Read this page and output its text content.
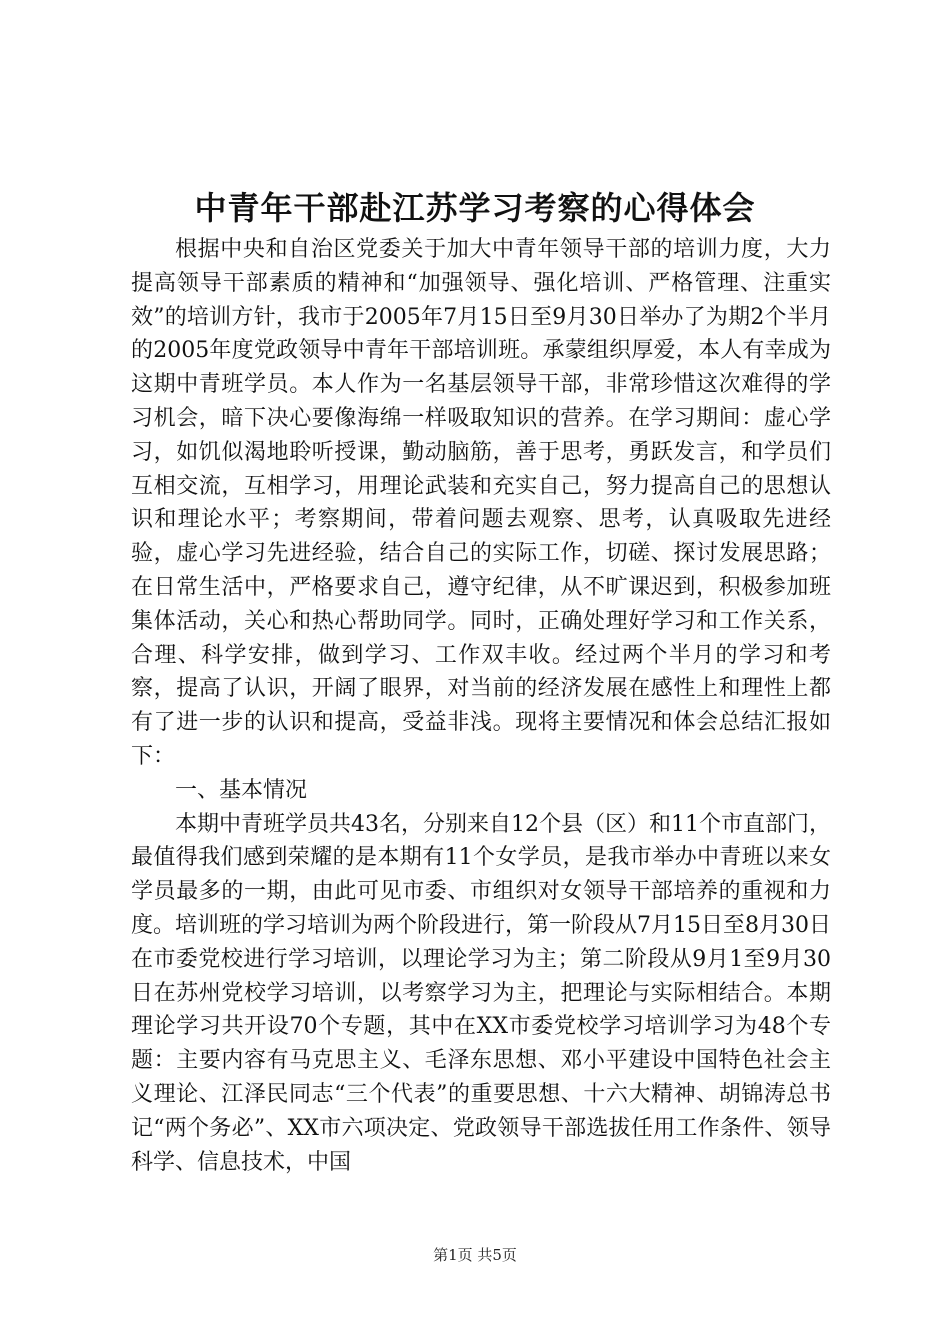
中青年干部赴江苏学习考察的心得体会

根据中央和自治区党委关于加大中青年领导干部的培训力度，大力提高领导干部素质的精神和“加强领导、强化培训、严格管理、注重实效”的培训方针，我市于2005年7月15日至9月30日举办了为期2个半月的2005年度党政领导中青年干部培训班。承蒙组织厚爱，本人有幸成为这期中青班学员。本人作为一名基层领导干部，非常珍惜这次难得的学习机会，暗下决心要像海绵一样吸取知识的营养。在学习期间：虚心学习，如饥似渴地聆听授课，勤动脑筋，善于思考，勇跃发言，和学员们互相交流，互相学习，用理论武装和充实自己，努力提高自己的思想认识和理论水平；考察期间，带着问题去观察、思考，认真吸取先进经验，虚心学习先进经验，结合自己的实际工作，切磋、探讨发展思路；在日常生活中，严格要求自己，遵守纪律，从不旷课迟到，积极参加班集体活动，关心和热心帮助同学。同时，正确处理好学习和工作关系，合理、科学安排，做到学习、工作双丰收。经过两个半月的学习和考察，提高了认识，开阔了眼界，对当前的经济发展在感性上和理性上都有了进一步的认识和提高，受益非浅。现将主要情况和体会总结汇报如下：

一、基本情况

本期中青班学员共43名，分别来自12个县（区）和11个市直部门，最值得我们感到荣耀的是本期有11个女学员，是我市举办中青班以来女学员最多的一期，由此可见市委、市组织对女领导干部培养的重视和力度。培训班的学习培训为两个阶段进行，第一阶段从7月15日至8月30日在市委党校进行学习培训，以理论学习为主；第二阶段从9月1至9月30日在苏州党校学习培训，以考察学习为主，把理论与实际相结合。本期理论学习共开设70个专题，其中在XX市委党校学习培训学习为48个专题：主要内容有马克思主义、毛泽东思想、邓小平建设中国特色社会主义理论、江泽民同志“三个代表”的重要思想、十六大精神、胡锦涛总书记“两个务必”、XX市六项决定、党政领导干部选拔任用工作条件、领导科学、信息技术，中国

第1页 共5页
